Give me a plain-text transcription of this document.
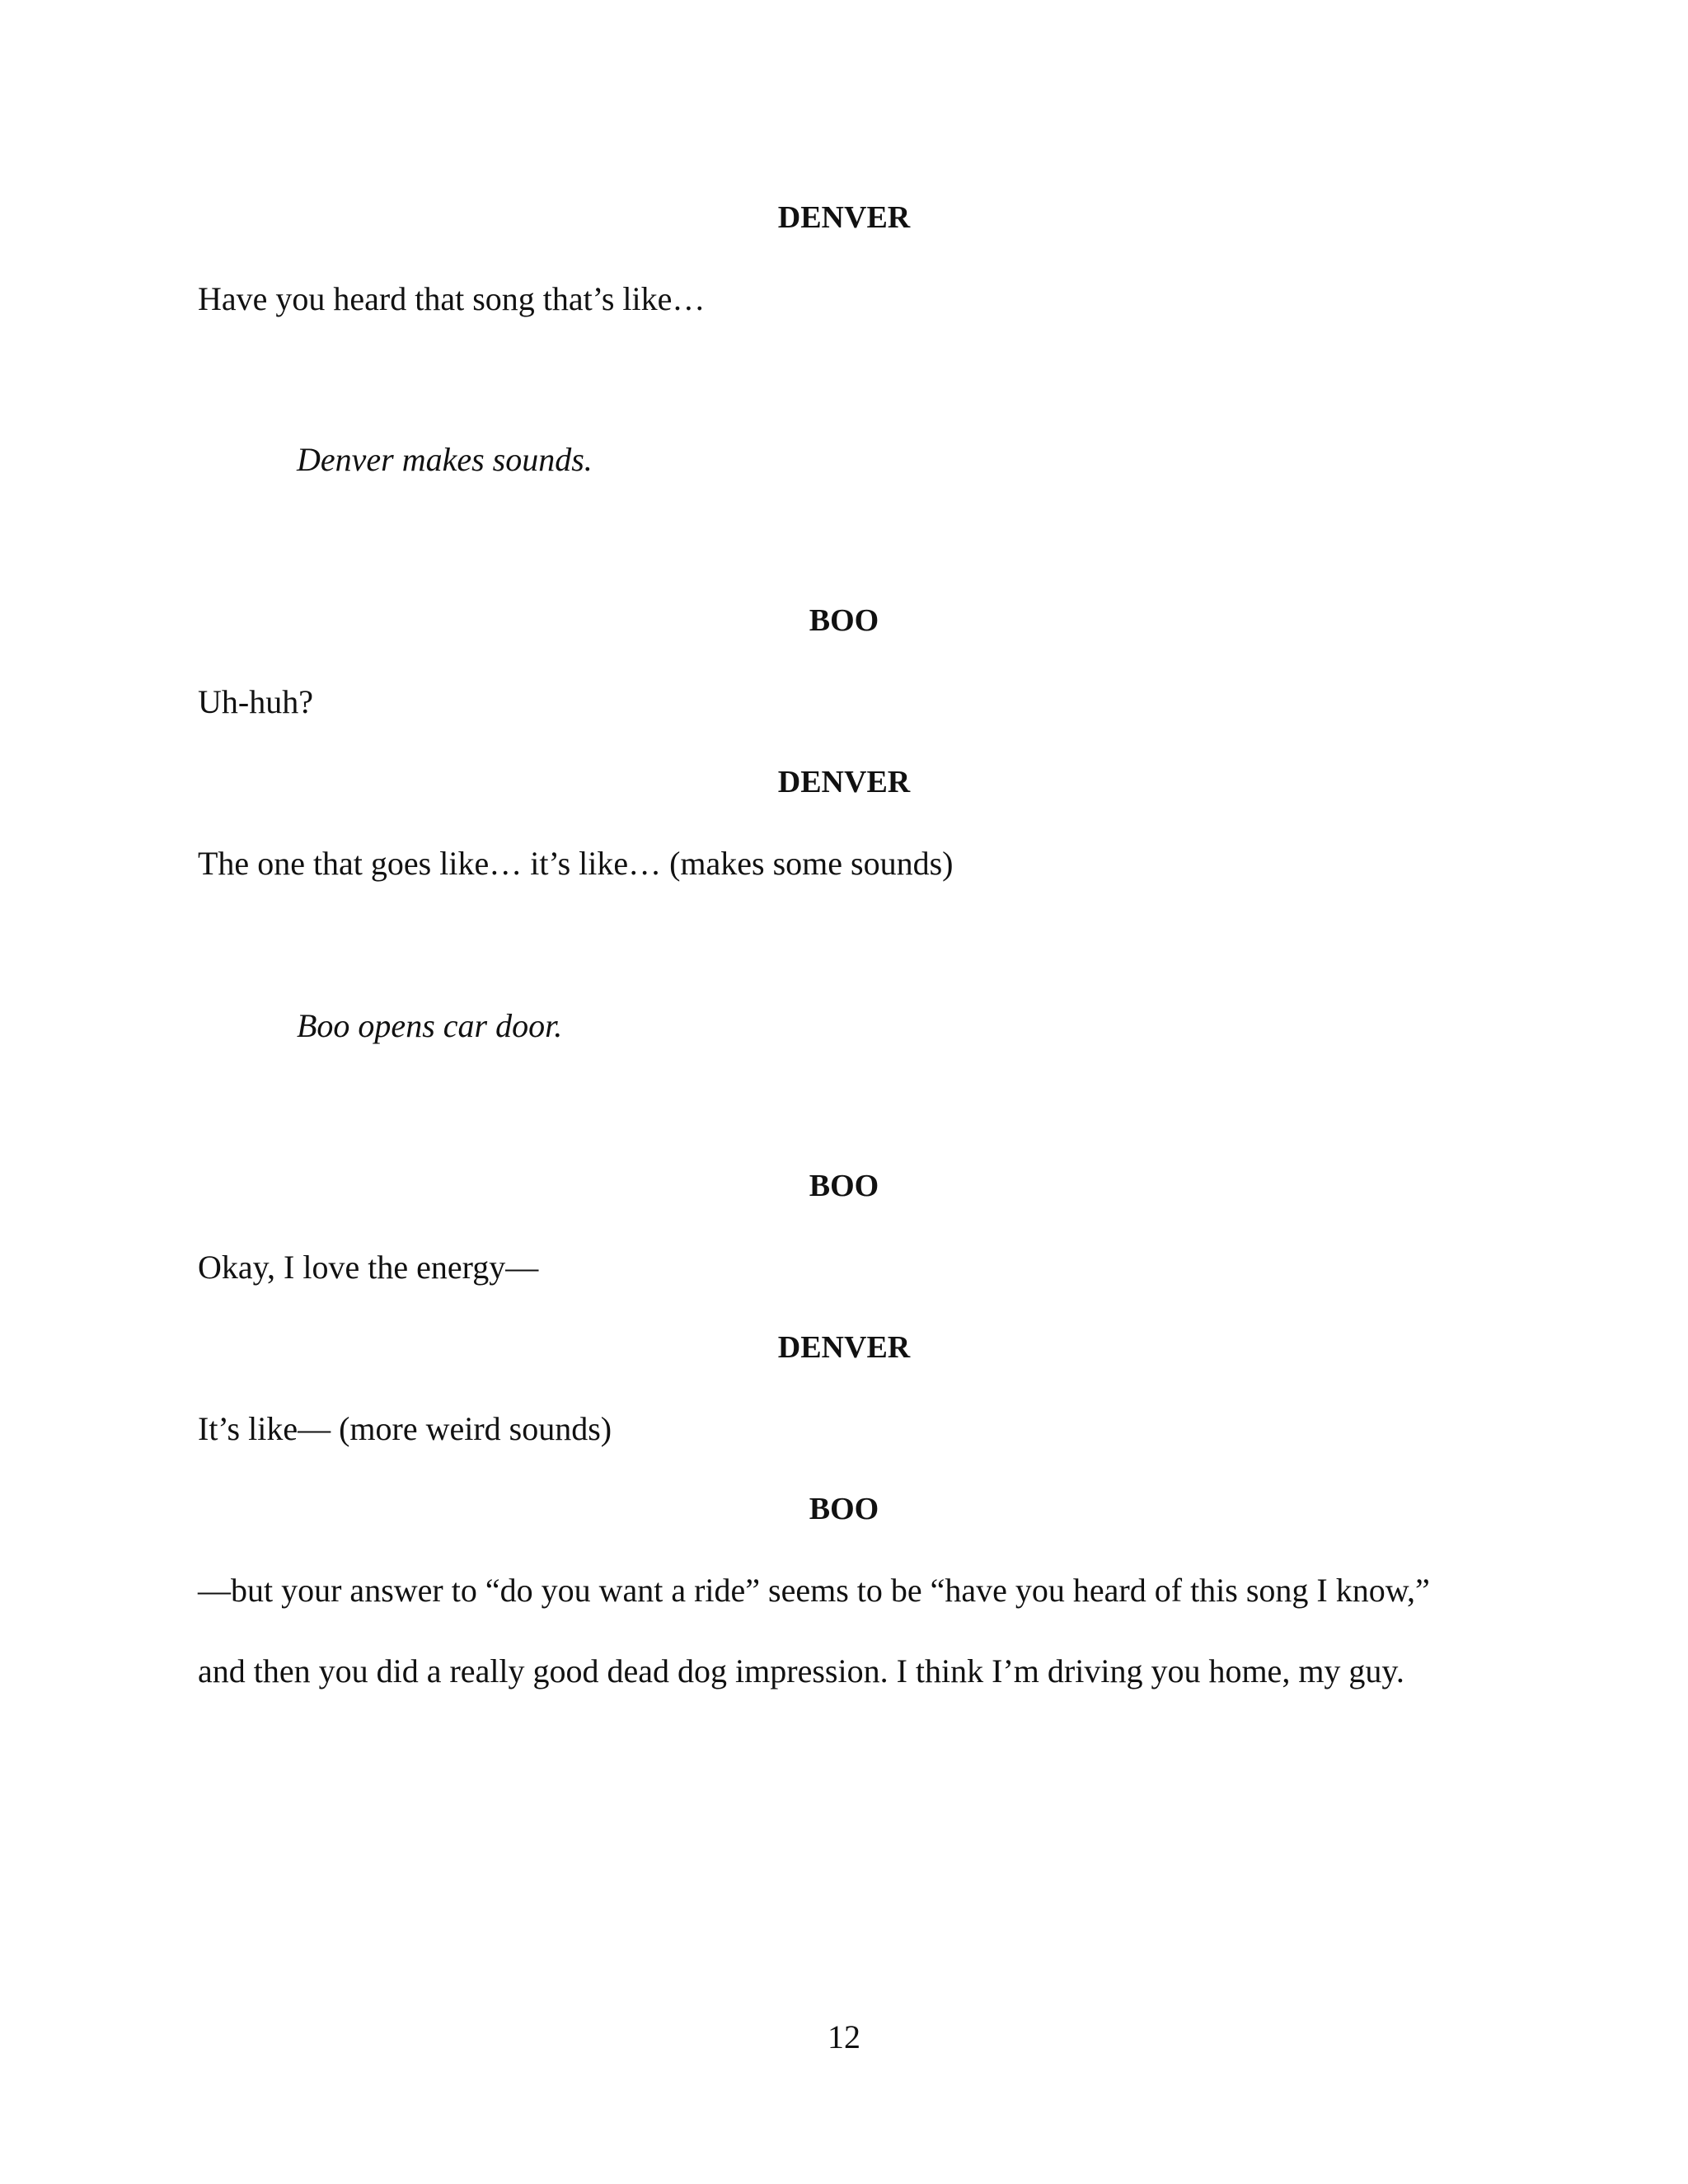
DENVER
Have you heard that song that’s like…
Denver makes sounds.
BOO
Uh-huh?
DENVER
The one that goes like… it’s like… (makes some sounds)
Boo opens car door.
BOO
Okay, I love the energy—
DENVER
It’s like— (more weird sounds)
BOO
—but your answer to “do you want a ride” seems to be “have you heard of this song I know,”
and then you did a really good dead dog impression. I think I’m driving you home, my guy.
12
